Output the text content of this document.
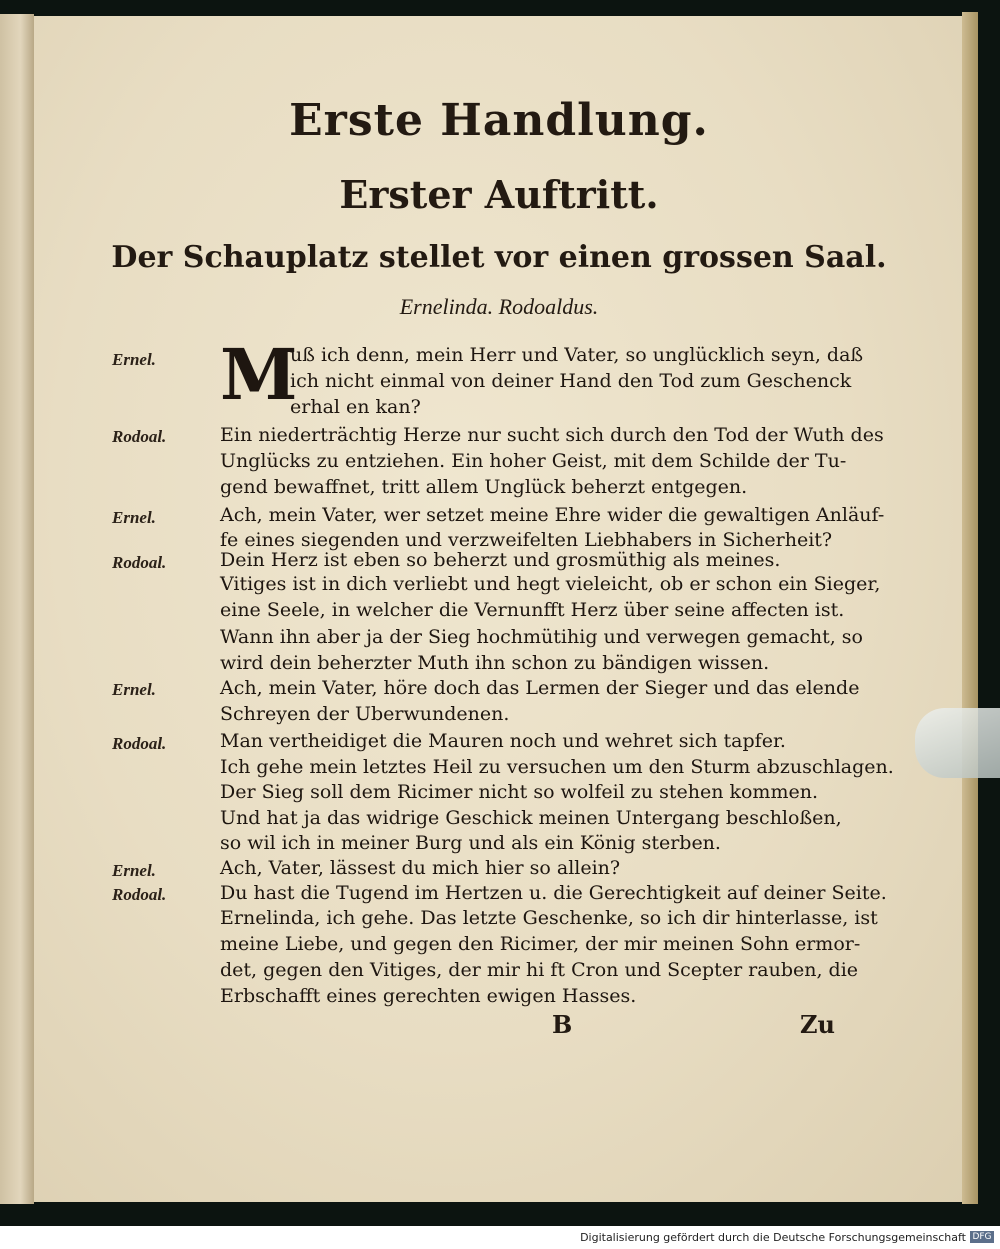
Erste Handlung.
Erster Auftritt.
Der Schauplatz stellet vor einen grossen Saal.
Ernelinda. Rodoaldus.
Ernel.
Rodoal.
Ernel.
Rodoal.
Ernel.
Rodoal.
Ernel.
Rodoal.
M
uß ich denn, mein Herr und Vater, so unglücklich seyn, daß
ich nicht einmal von deiner Hand den Tod zum Geschenck
erhal en kan?
Ein niederträchtig Herze nur sucht sich durch den Tod der Wuth des
Unglücks zu entziehen. Ein hoher Geist, mit dem Schilde der Tu-
gend bewaffnet, tritt allem Unglück beherzt entgegen.
Ach, mein Vater, wer setzet meine Ehre wider die gewaltigen Anläuf-
fe eines siegenden und verzweifelten Liebhabers in Sicherheit?
Dein Herz ist eben so beherzt und grosmüthig als meines.
Vitiges ist in dich verliebt und hegt vieleicht, ob er schon ein Sieger,
eine Seele, in welcher die Vernunfft Herz über seine affecten ist.
Wann ihn aber ja der Sieg hochmütihig und verwegen gemacht, so
wird dein beherzter Muth ihn schon zu bändigen wissen.
Ach, mein Vater, höre doch das Lermen der Sieger und das elende
Schreyen der Uberwundenen.
Man vertheidiget die Mauren noch und wehret sich tapfer.
Ich gehe mein letztes Heil zu versuchen um den Sturm abzuschlagen.
Der Sieg soll dem Ricimer nicht so wolfeil zu stehen kommen.
Und hat ja das widrige Geschick meinen Untergang beschloßen,
so wil ich in meiner Burg und als ein König sterben.
Ach, Vater, lässest du mich hier so allein?
Du hast die Tugend im Hertzen u. die Gerechtigkeit auf deiner Seite.
Ernelinda, ich gehe. Das letzte Geschenke, so ich dir hinterlasse, ist
meine Liebe, und gegen den Ricimer, der mir meinen Sohn ermor-
det, gegen den Vitiges, der mir hi ft Cron und Scepter rauben, die
Erbschafft eines gerechten ewigen Hasses.
B	Zu
Digitalisierung gefördert durch die Deutsche Forschungsgemeinschaft DFG
